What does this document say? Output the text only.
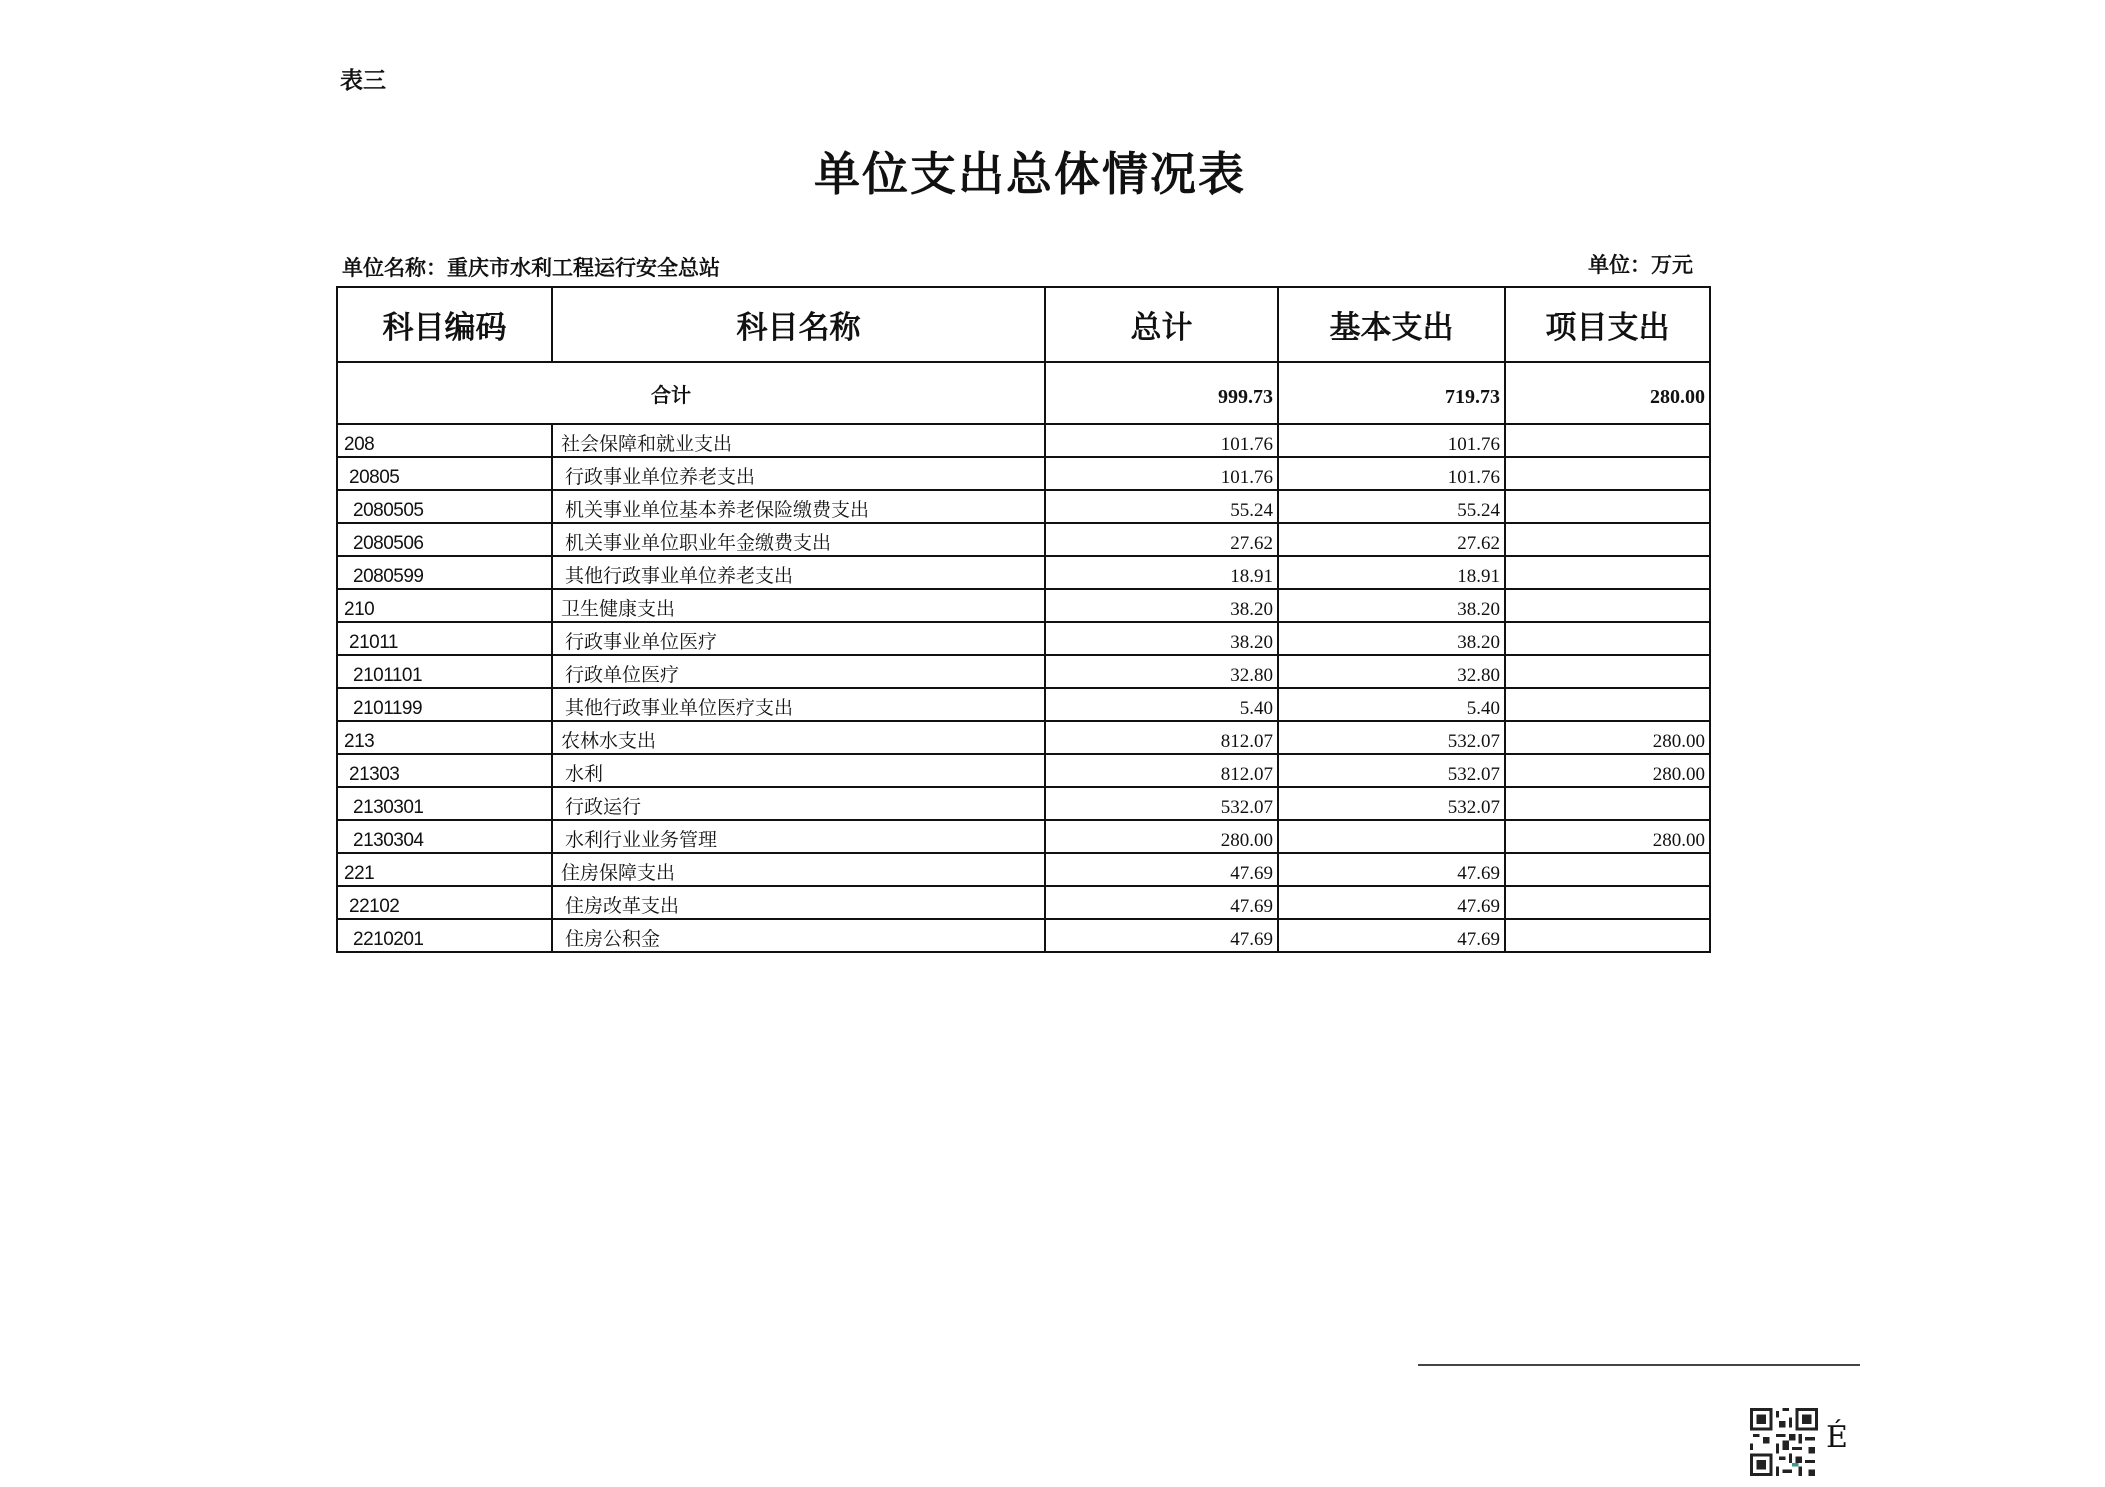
表三
单位支出总体情况表
单位名称：重庆市水利工程运行安全总站	单位：万元
科目编码	科目名称	总计	基本支出	项目支出
合计		999.73	719.73	280.00
208	社会保障和就业支出	101.76	101.76	
20805	行政事业单位养老支出	101.76	101.76	
2080505	机关事业单位基本养老保险缴费支出	55.24	55.24	
2080506	机关事业单位职业年金缴费支出	27.62	27.62	
2080599	其他行政事业单位养老支出	18.91	18.91	
210	卫生健康支出	38.20	38.20	
21011	行政事业单位医疗	38.20	38.20	
2101101	行政单位医疗	32.80	32.80	
2101199	其他行政事业单位医疗支出	5.40	5.40	
213	农林水支出	812.07	532.07	280.00
21303	水利	812.07	532.07	280.00
2130301	行政运行	532.07	532.07	
2130304	水利行业业务管理	280.00		280.00
221	住房保障支出	47.69	47.69	
22102	住房改革支出	47.69	47.69	
2210201	住房公积金	47.69	47.69	
É
